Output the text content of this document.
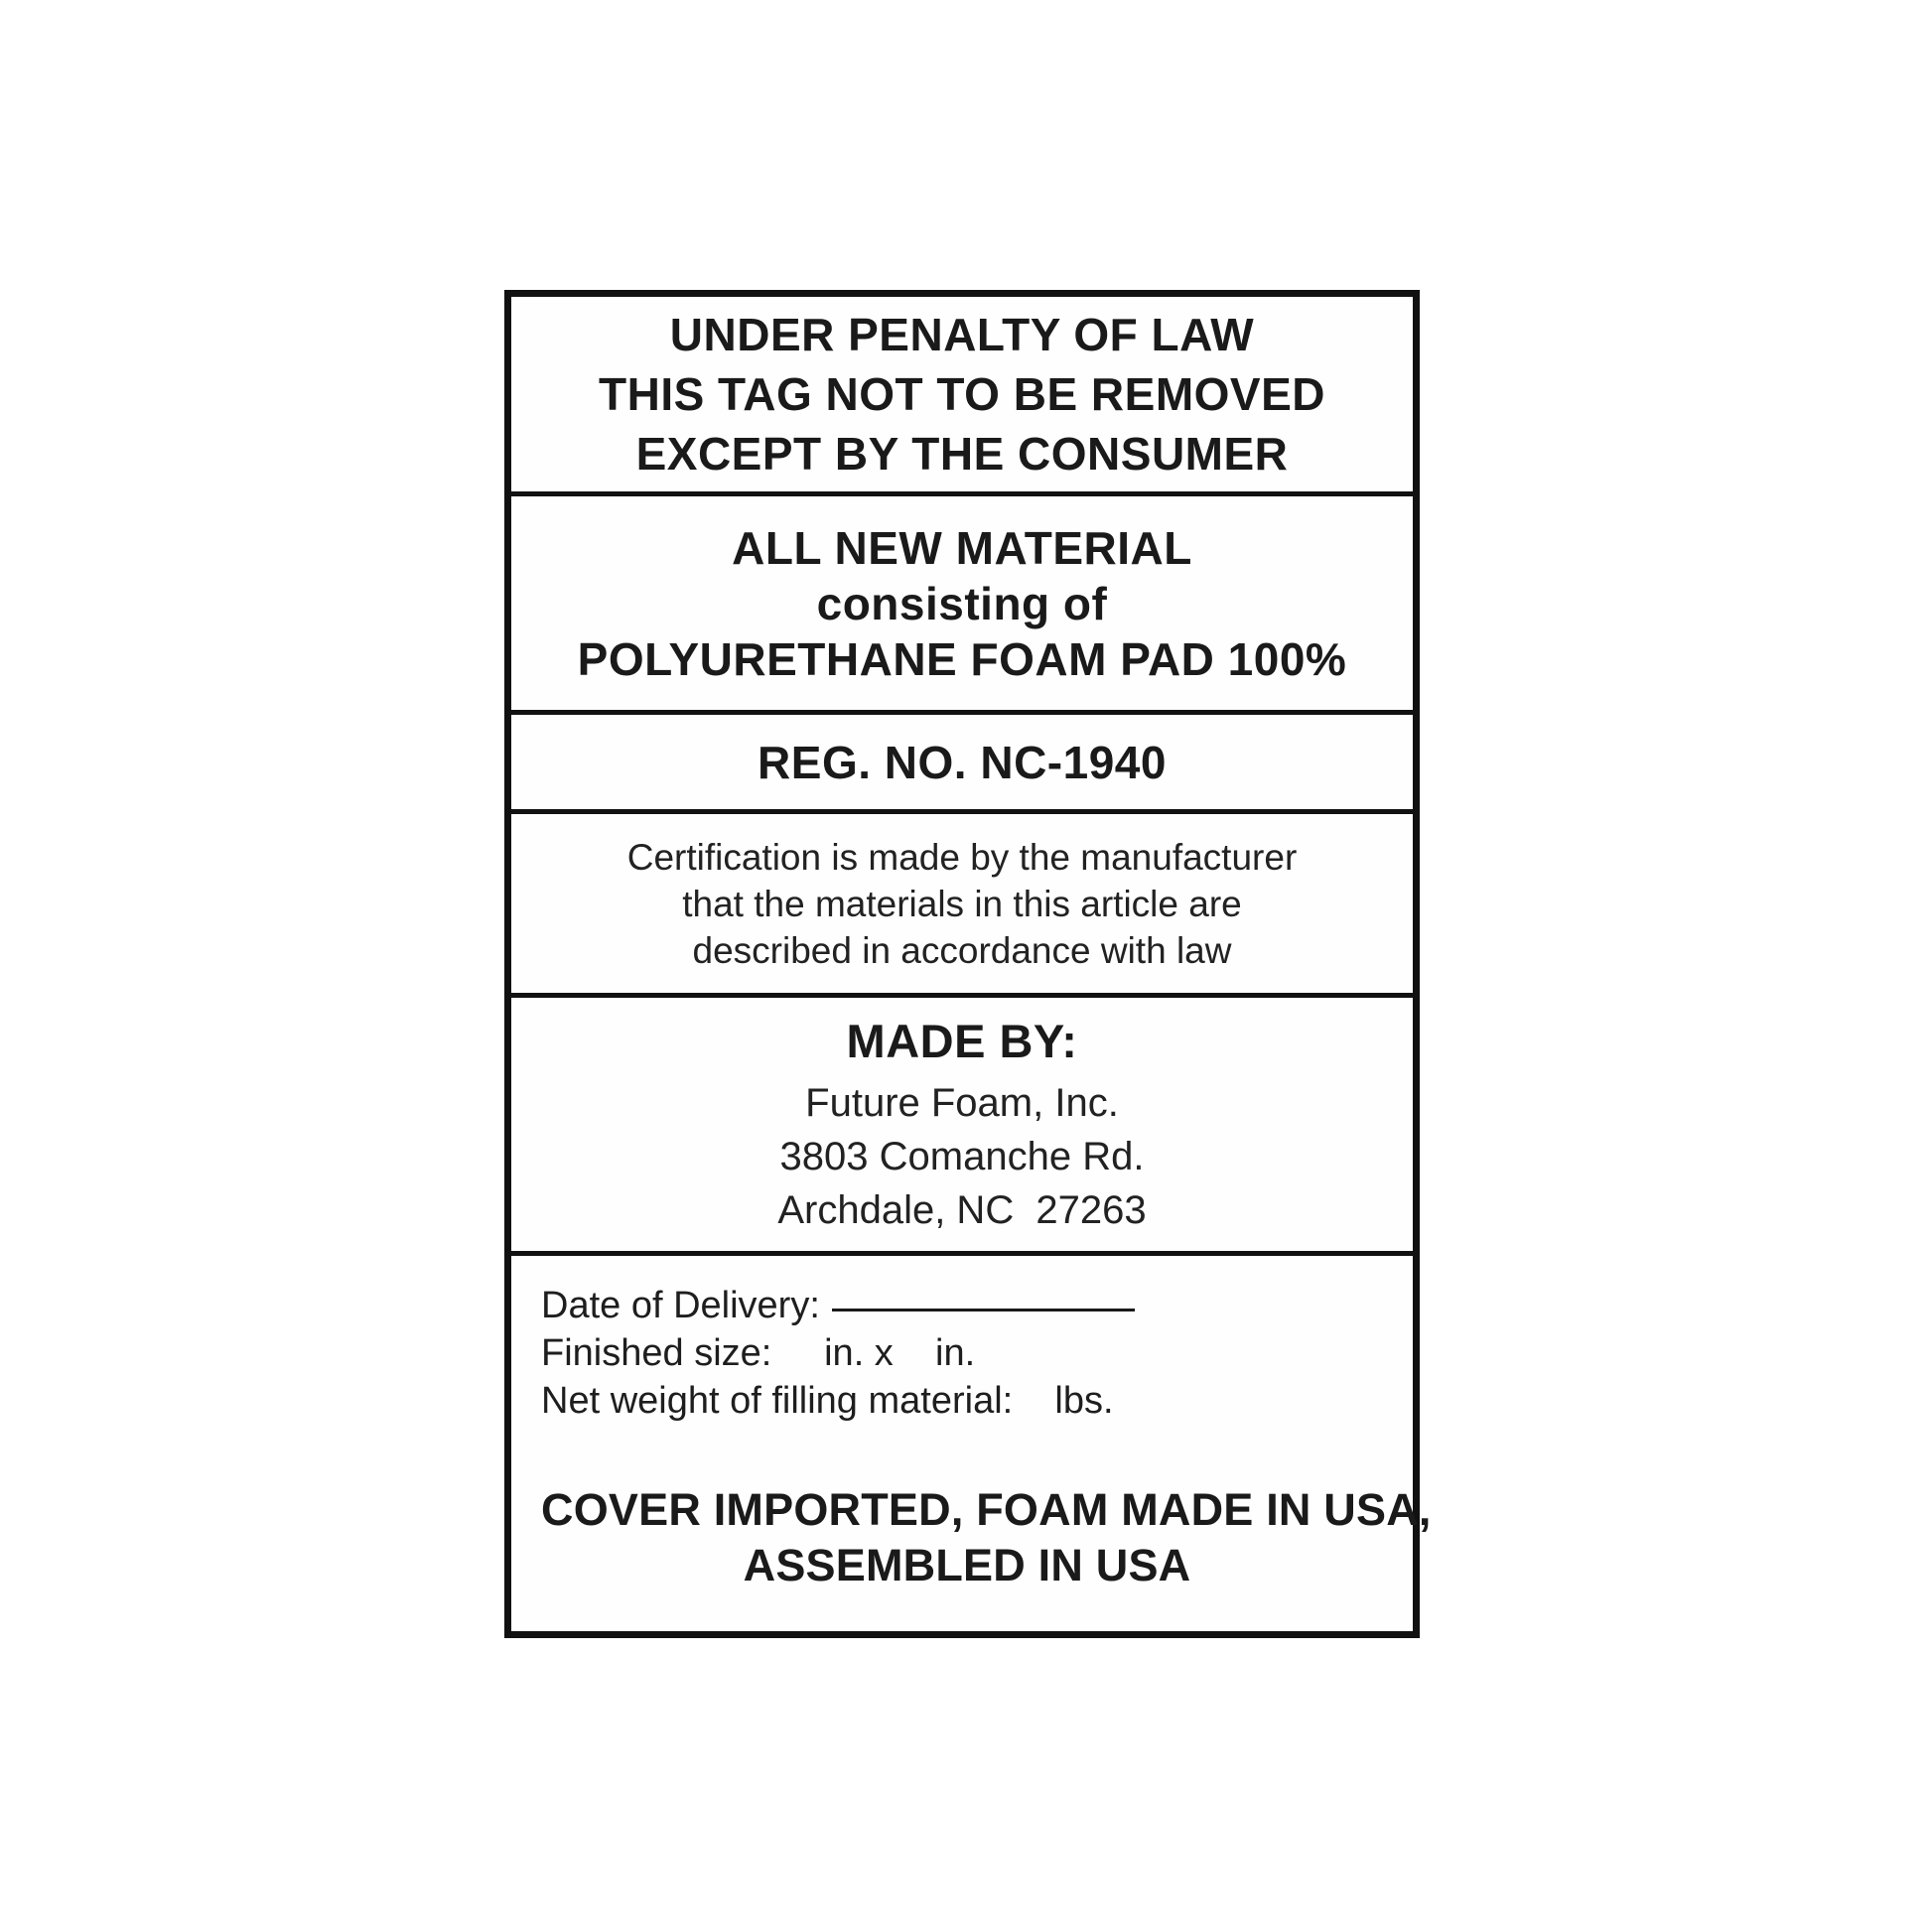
UNDER PENALTY OF LAW
THIS TAG NOT TO BE REMOVED
EXCEPT BY THE CONSUMER
ALL NEW MATERIAL
consisting of
POLYURETHANE FOAM PAD 100%
REG. NO. NC-1940
Certification is made by the manufacturer
that the materials in this article are
described in accordance with law
MADE BY:
Future Foam, Inc.
3803 Comanche Rd.
Archdale, NC  27263
Date of Delivery:
Finished size:     in. x    in.
Net weight of filling material:    lbs.
COVER IMPORTED, FOAM MADE IN USA,
ASSEMBLED IN USA
